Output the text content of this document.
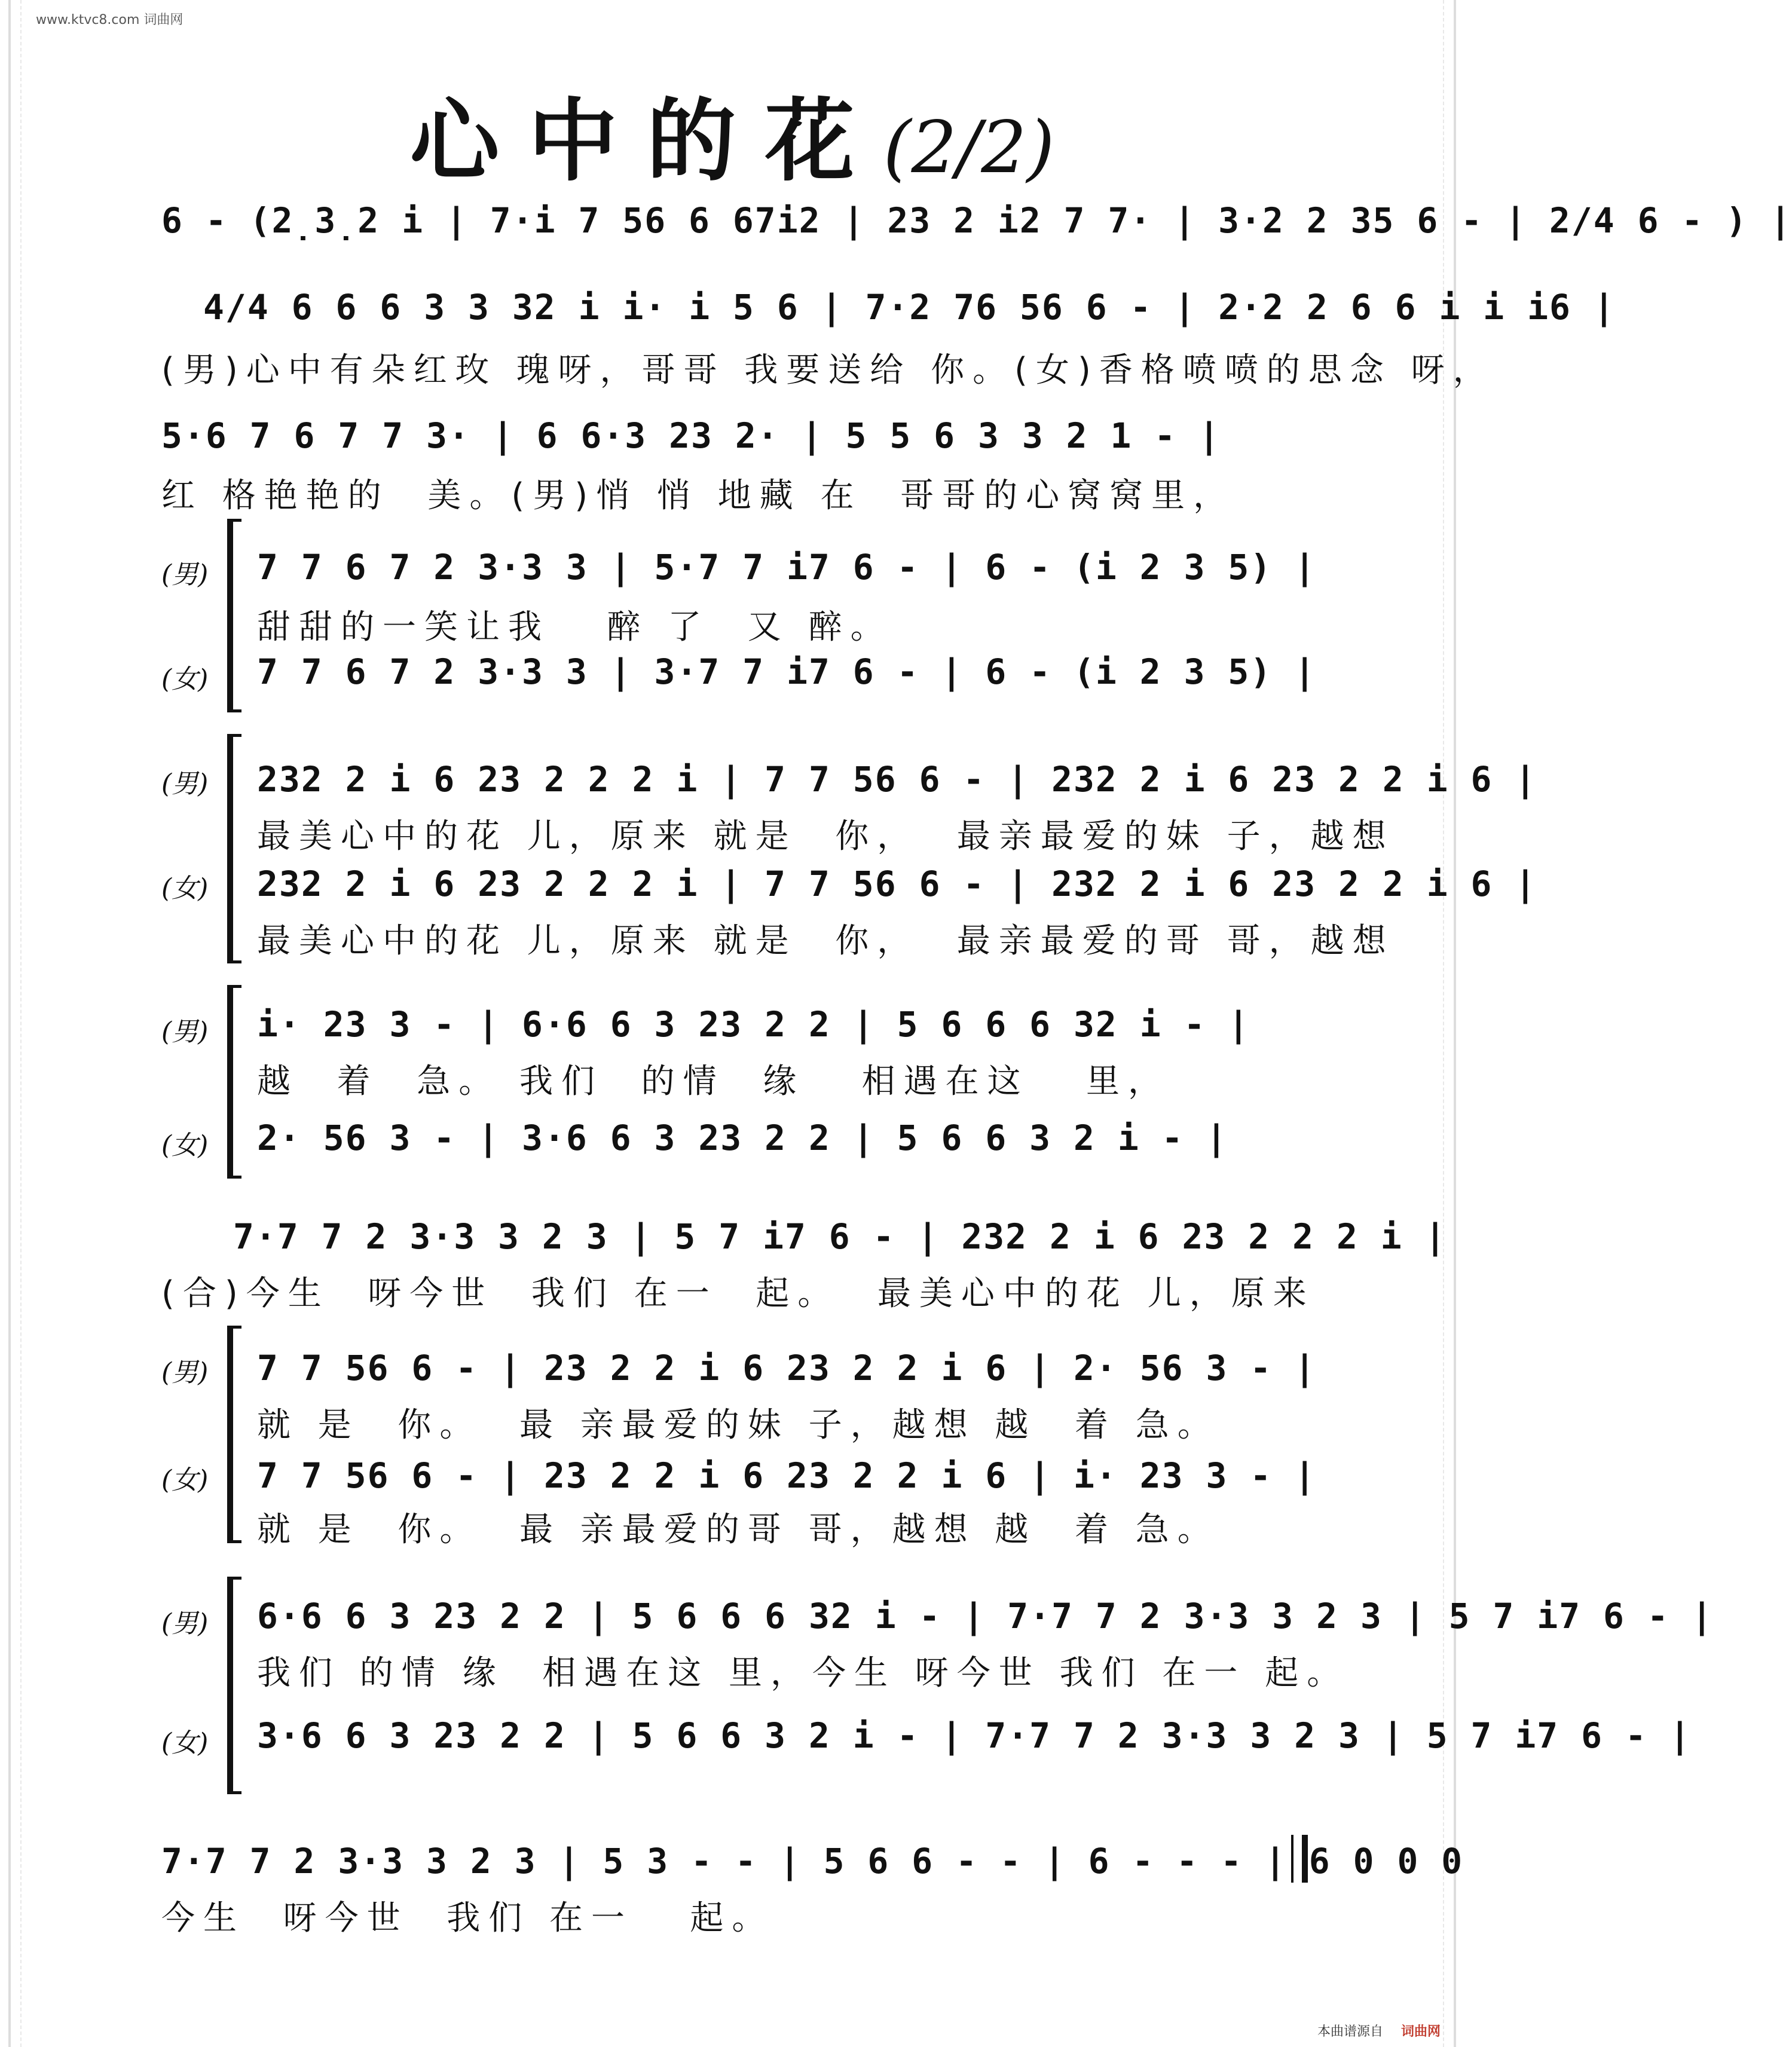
www.ktvc8.com 词曲网
心中的花(2/2)
6 - (2̣3̣2 i | 7·i 7 56 6 67i2 | 23 2 i2 7 7· | 3·2 2 35 6 - | 2/4 6 - ) |
4/4 6 6 6 3 3 32 i i· i 5 6 | 7·2 76 56 6 - | 2·2 2 6 6 i i i6 |
(男)心中有朵红玫 瑰呀，哥哥 我要送给 你。(女)香格喷喷的思念 呀，
5·6 7 6 7 7 3· | 6 6·3 23 2· | 5 5 6 3 3 2 1 - |
红 格艳艳的  美。(男)悄 悄 地藏 在  哥哥的心窝窝里，
(男) 7 7 6 7 2 3·3 3 | 5·7 7 i7 6 - | 6 - (i 2 3 5) |
甜甜的一笑让我   醉 了  又 醉。
(女) 7 7 6 7 2 3·3 3 | 3·7 7 i7 6 - | 6 - (i 2 3 5) |
(男) 232 2 i 6 23 2 2 2 i | 7 7 56 6 - | 232 2 i 6 23 2 2 i 6 |
最美心中的花 儿，原来 就是  你，  最亲最爱的妹 子，越想
(女) 232 2 i 6 23 2 2 2 i | 7 7 56 6 - | 232 2 i 6 23 2 2 i 6 |
最美心中的花 儿，原来 就是  你，  最亲最爱的哥 哥，越想
(男) i· 23 3 - | 6·6 6 3 23 2 2 | 5 6 6 6 32 i - |
越  着  急。 我们  的情  缘   相遇在这   里，
(女) 2· 56 3 - | 3·6 6 3 23 2 2 | 5 6 6 3 2 i - |
7·7 7 2 3·3 3 2 3 | 5 7 i7 6 - | 232 2 i 6 23 2 2 2 i |
(合)今生  呀今世  我们 在一  起。  最美心中的花 儿，原来
(男) 7 7 56 6 - | 23 2 2 i 6 23 2 2 i 6 | 2· 56 3 - |
就 是  你。  最 亲最爱的妹 子，越想 越  着 急。
(女) 7 7 56 6 - | 23 2 2 i 6 23 2 2 i 6 | i· 23 3 - |
就 是  你。  最 亲最爱的哥 哥，越想 越  着 急。
(男) 6·6 6 3 23 2 2 | 5 6 6 6 32 i - | 7·7 7 2 3·3 3 2 3 | 5 7 i7 6 - |
我们 的情 缘  相遇在这 里，今生 呀今世 我们 在一 起。
(女) 3·6 6 3 23 2 2 | 5 6 6 3 2 i - | 7·7 7 2 3·3 3 2 3 | 5 7 i7 6 - |
7·7 7 2 3·3 3 2 3 | 5 3 - - | 5 6 6 - - | 6 - - - | 6 0 0 0
今生  呀今世  我们 在一   起。
本曲谱源自 词曲网
